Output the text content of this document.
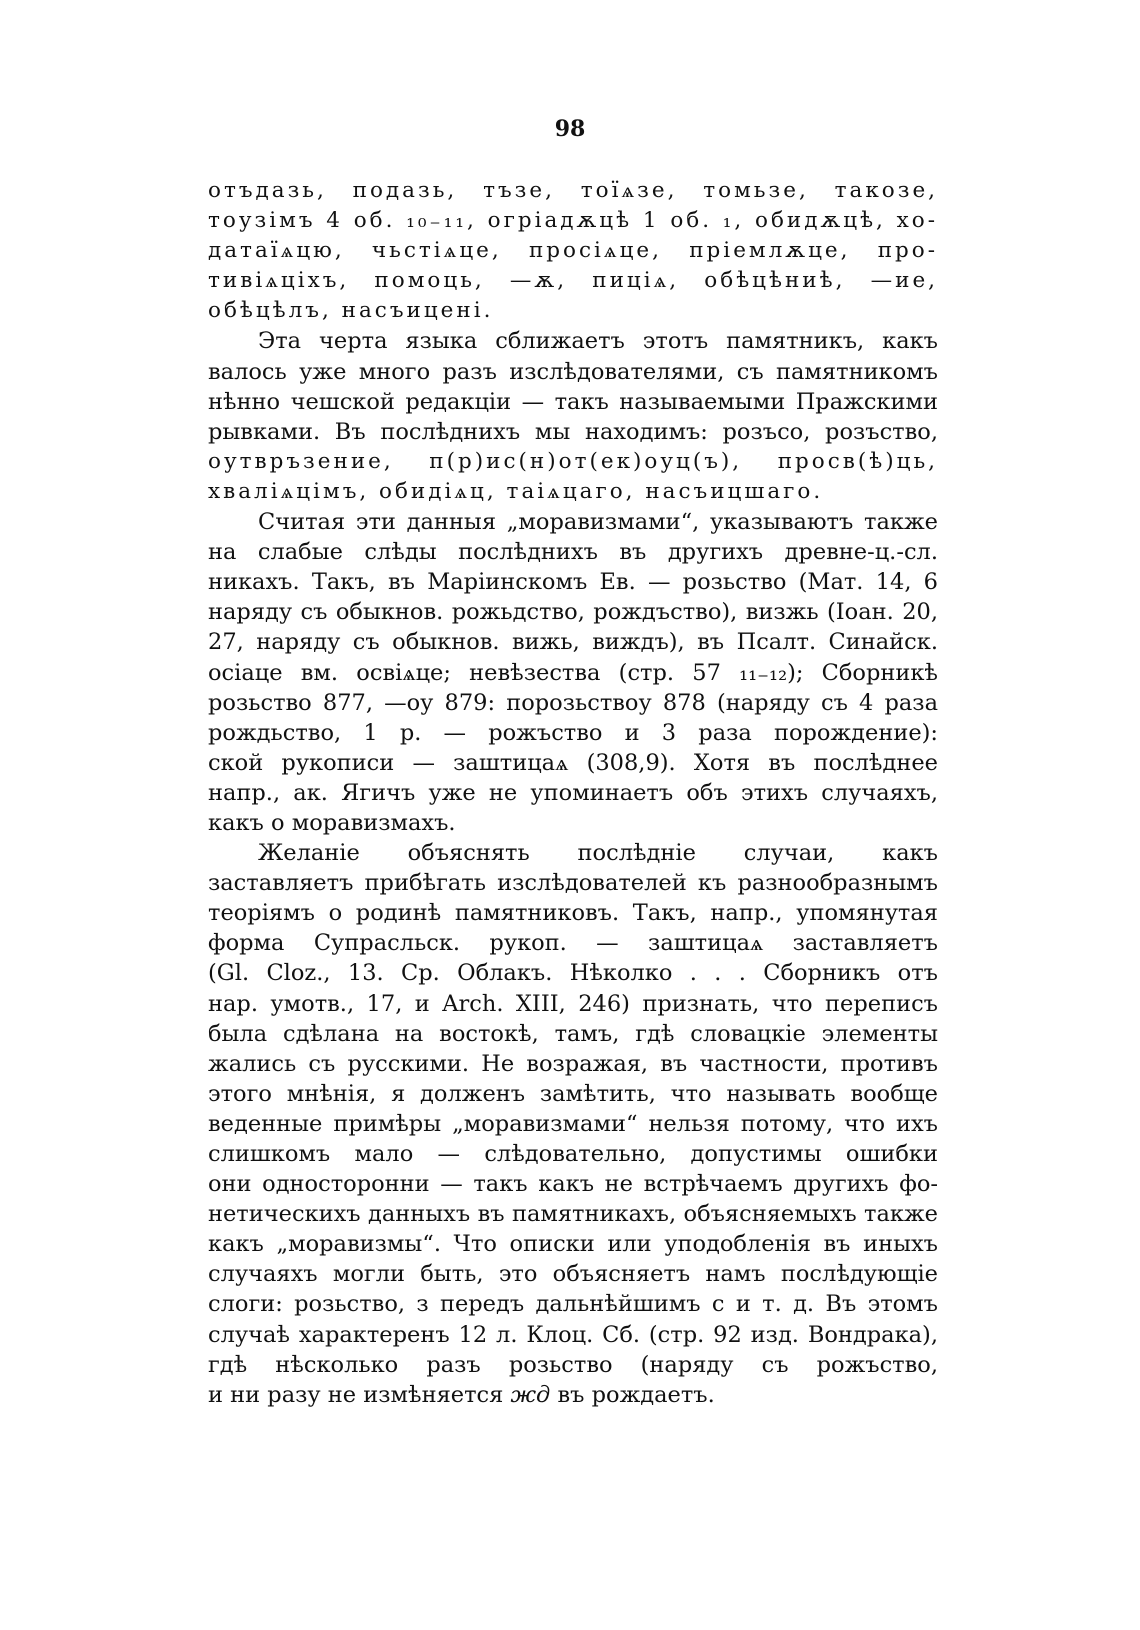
98
отъдазь, подазь, тъзе, тоїѧзе, томьзе, такозе,
тоузімъ 4 об. ₁₀₋₁₁, огріадѫцѣ 1 об. ₁, обидѫцѣ, хо-
датаїѧцю, чьстіѧце, просіѧце, пріемлѫце, про-
тивіѧціхъ, помоць, —ѫ, пиціѧ, обѣцѣниѣ, —ие,
обѣцѣлъ, насъицені.
Эта черта языка сближаетъ этотъ памятникъ, какъ
валось уже много разъ изслѣдователями, съ памятникомъ
нѣнно чешской редакціи — такъ называемыми Пражскими
рывками. Въ послѣднихъ мы находимъ: розъсо, розъство,
оутвръзение, п(р)ис(н)от(ек)оуц(ъ), просв(ѣ)ць,
хвалiѧцімъ, обидiѧц, таіѧцаго, насъицшаго.
Считая эти данныя „моравизмами“, указываютъ также
на слабые слѣды послѣднихъ въ другихъ древне-ц.-сл.
никахъ. Такъ, въ Маріинскомъ Ев. — розьство (Мат. 14, 6
наряду съ обыкнов. рожьдство, рождъство), визжь (Іоан. 20,
27, наряду съ обыкнов. вижь, виждъ), въ Псалт. Синайск.
осіаце вм. освіѧце; невѣзества (стр. 57 ₁₁₋₁₂); Сборникѣ
розьство 877, —оу 879: порозьствоу 878 (наряду съ 4 раза
рождьство, 1 р. — рожъство и 3 раза порождение):
ской рукописи — заштицаѧ (308,9). Хотя въ послѣднее
напр., ак. Ягичъ уже не упоминаетъ объ этихъ случаяхъ,
какъ о моравизмахъ.
Желаніе объяснять послѣдніе случаи, какъ
заставляетъ прибѣгать изслѣдователей къ разнообразнымъ
теоріямъ о родинѣ памятниковъ. Такъ, напр., упомянутая
форма Супрасльск. рукоп. — заштицаѧ заставляетъ
(Gl. Cloz., 13. Ср. Облакъ. Нѣколко . . . Сборникъ отъ
нар. умотв., 17, и Arch. XIII, 246) признать, что переписъ
была сдѣлана на востокѣ, тамъ, гдѣ словацкіе элементы
жались съ русскими. Не возражая, въ частности, противъ
этого мнѣнія, я долженъ замѣтить, что называть вообще
веденные примѣры „моравизмами“ нельзя потому, что ихъ
слишкомъ мало — слѣдовательно, допустимы ошибки
они односторонни — такъ какъ не встрѣчаемъ другихъ фо-
нетическихъ данныхъ въ памятникахъ, объясняемыхъ также
какъ „моравизмы“. Что описки или уподобленія въ иныхъ
случаяхъ могли быть, это объясняетъ намъ послѣдующіе
слоги: розьство, з передъ дальнѣйшимъ с и т. д. Въ этомъ
случаѣ характеренъ 12 л. Клоц. Сб. (стр. 92 изд. Вондрака),
гдѣ нѣсколько разъ розьство (наряду съ рожъство,
и ни разу не измѣняется жд въ рождаетъ.
